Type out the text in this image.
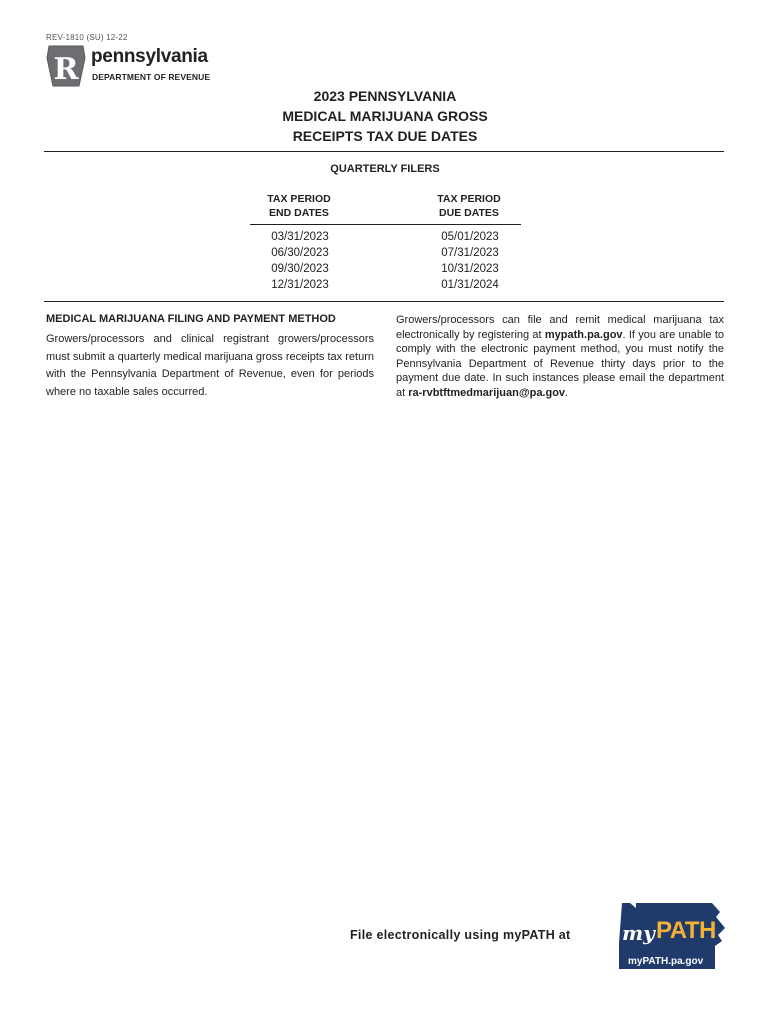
REV-1810 (SU) 12-22
R pennsylvania
DEPARTMENT OF REVENUE
2023 PENNSYLVANIA
MEDICAL MARIJUANA GROSS
RECEIPTS TAX DUE DATES
QUARTERLY FILERS
TAX PERIOD
END DATES
TAX PERIOD
DUE DATES
03/31/2023
06/30/2023
09/30/2023
12/31/2023
05/01/2023
07/31/2023
10/31/2023
01/31/2024
MEDICAL MARIJUANA FILING AND PAYMENT METHOD

Growers/processors and clinical registrant growers/processors must submit a quarterly medical marijuana gross receipts tax return with the Pennsylvania Department of Revenue, even for periods where no taxable sales occurred.

Growers/processors can file and remit medical marijuana tax electronically by registering at mypath.pa.gov. If you are unable to comply with the electronic payment method, you must notify the Pennsylvania Department of Revenue thirty days prior to the payment due date. In such instances please email the department at ra-rvbtftmedmarijuan@pa.gov.

File electronically using myPATH at	my PATH
myPATH.pa.gov
